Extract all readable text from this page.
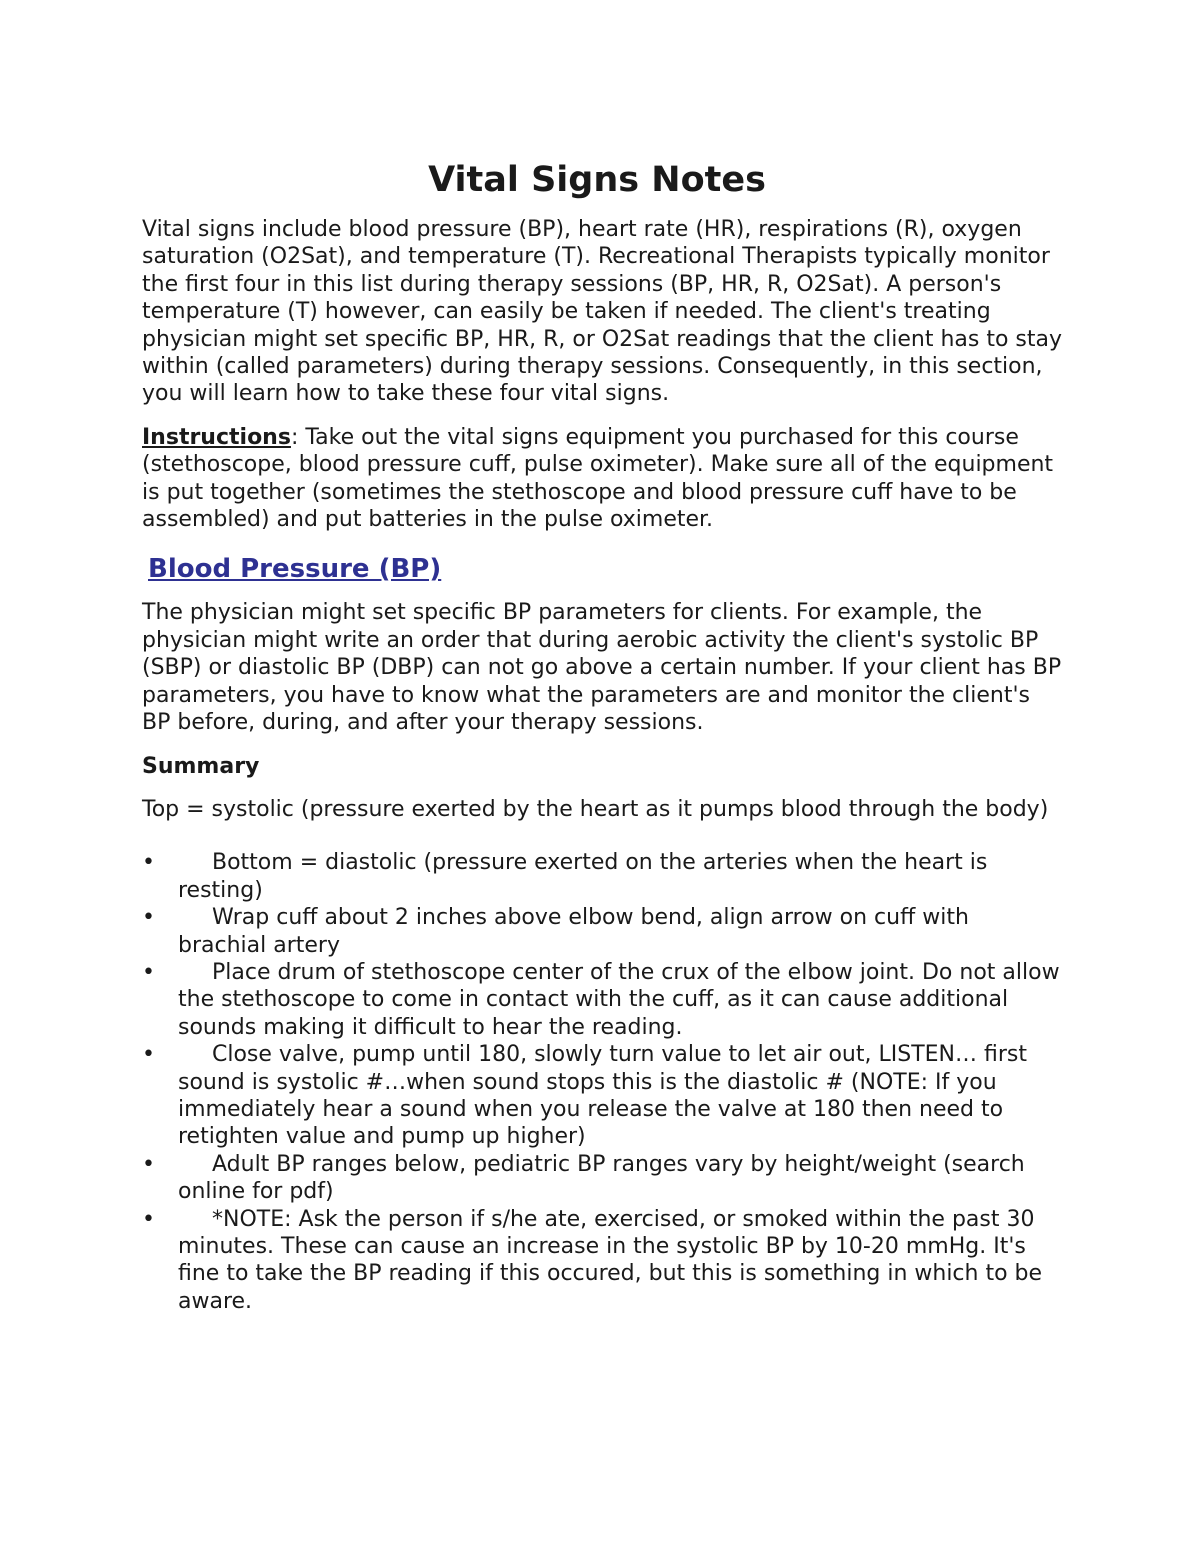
Vital Signs Notes

Vital signs include blood pressure (BP), heart rate (HR), respirations (R), oxygen saturation (O2Sat), and temperature (T). Recreational Therapists typically monitor the first four in this list during therapy sessions (BP, HR, R, O2Sat). A person's temperature (T) however, can easily be taken if needed. The client's treating physician might set specific BP, HR, R, or O2Sat readings that the client has to stay within (called parameters) during therapy sessions. Consequently, in this section, you will learn how to take these four vital signs.

Instructions: Take out the vital signs equipment you purchased for this course (stethoscope, blood pressure cuff, pulse oximeter). Make sure all of the equipment is put together (sometimes the stethoscope and blood pressure cuff have to be assembled) and put batteries in the pulse oximeter.

Blood Pressure (BP)

The physician might set specific BP parameters for clients. For example, the physician might write an order that during aerobic activity the client's systolic BP (SBP) or diastolic BP (DBP) can not go above a certain number. If your client has BP parameters, you have to know what the parameters are and monitor the client's BP before, during, and after your therapy sessions.

Summary

Top = systolic (pressure exerted by the heart as it pumps blood through the body)

•	Bottom = diastolic (pressure exerted on the arteries when the heart is resting)
•	Wrap cuff about 2 inches above elbow bend, align arrow on cuff with brachial artery
•	Place drum of stethoscope center of the crux of the elbow joint. Do not allow the stethoscope to come in contact with the cuff, as it can cause additional sounds making it difficult to hear the reading.
•	Close valve, pump until 180, slowly turn value to let air out, LISTEN… first sound is systolic #…when sound stops this is the diastolic # (NOTE: If you immediately hear a sound when you release the valve at 180 then need to retighten value and pump up higher)
•	Adult BP ranges below, pediatric BP ranges vary by height/weight (search online for pdf)
•	*NOTE: Ask the person if s/he ate, exercised, or smoked within the past 30 minutes. These can cause an increase in the systolic BP by 10-20 mmHg. It's fine to take the BP reading if this occured, but this is something in which to be aware.
